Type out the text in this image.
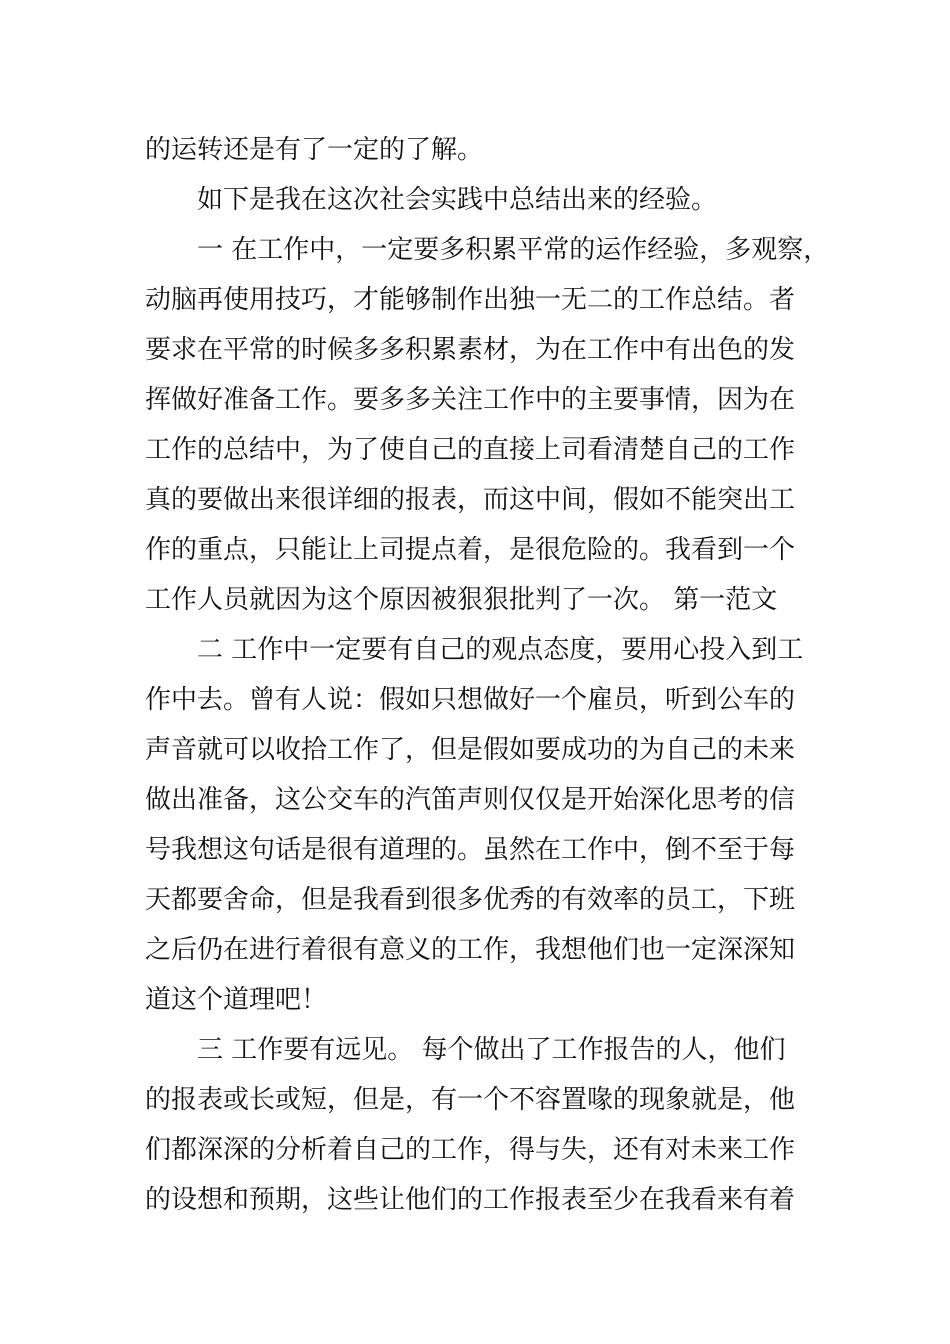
的运转还是有了一定的了解。
如下是我在这次社会实践中总结出来的经验。
一 在工作中，一定要多积累平常的运作经验，多观察，
动脑再使用技巧，才能够制作出独一无二的工作总结。者
要求在平常的时候多多积累素材，为在工作中有出色的发
挥做好准备工作。要多多关注工作中的主要事情，因为在
工作的总结中，为了使自己的直接上司看清楚自己的工作
真的要做出来很详细的报表，而这中间，假如不能突出工
作的重点，只能让上司提点着，是很危险的。我看到一个
工作人员就因为这个原因被狠狠批判了一次。 第一范文
二 工作中一定要有自己的观点态度，要用心投入到工
作中去。曾有人说：假如只想做好一个雇员，听到公车的
声音就可以收拾工作了，但是假如要成功的为自己的未来
做出准备，这公交车的汽笛声则仅仅是开始深化思考的信
号我想这句话是很有道理的。虽然在工作中，倒不至于每
天都要舍命，但是我看到很多优秀的有效率的员工，下班
之后仍在进行着很有意义的工作，我想他们也一定深深知
道这个道理吧！
三 工作要有远见。 每个做出了工作报告的人，他们
的报表或长或短，但是，有一个不容置喙的现象就是，他
们都深深的分析着自己的工作，得与失，还有对未来工作
的设想和预期，这些让他们的工作报表至少在我看来有着
